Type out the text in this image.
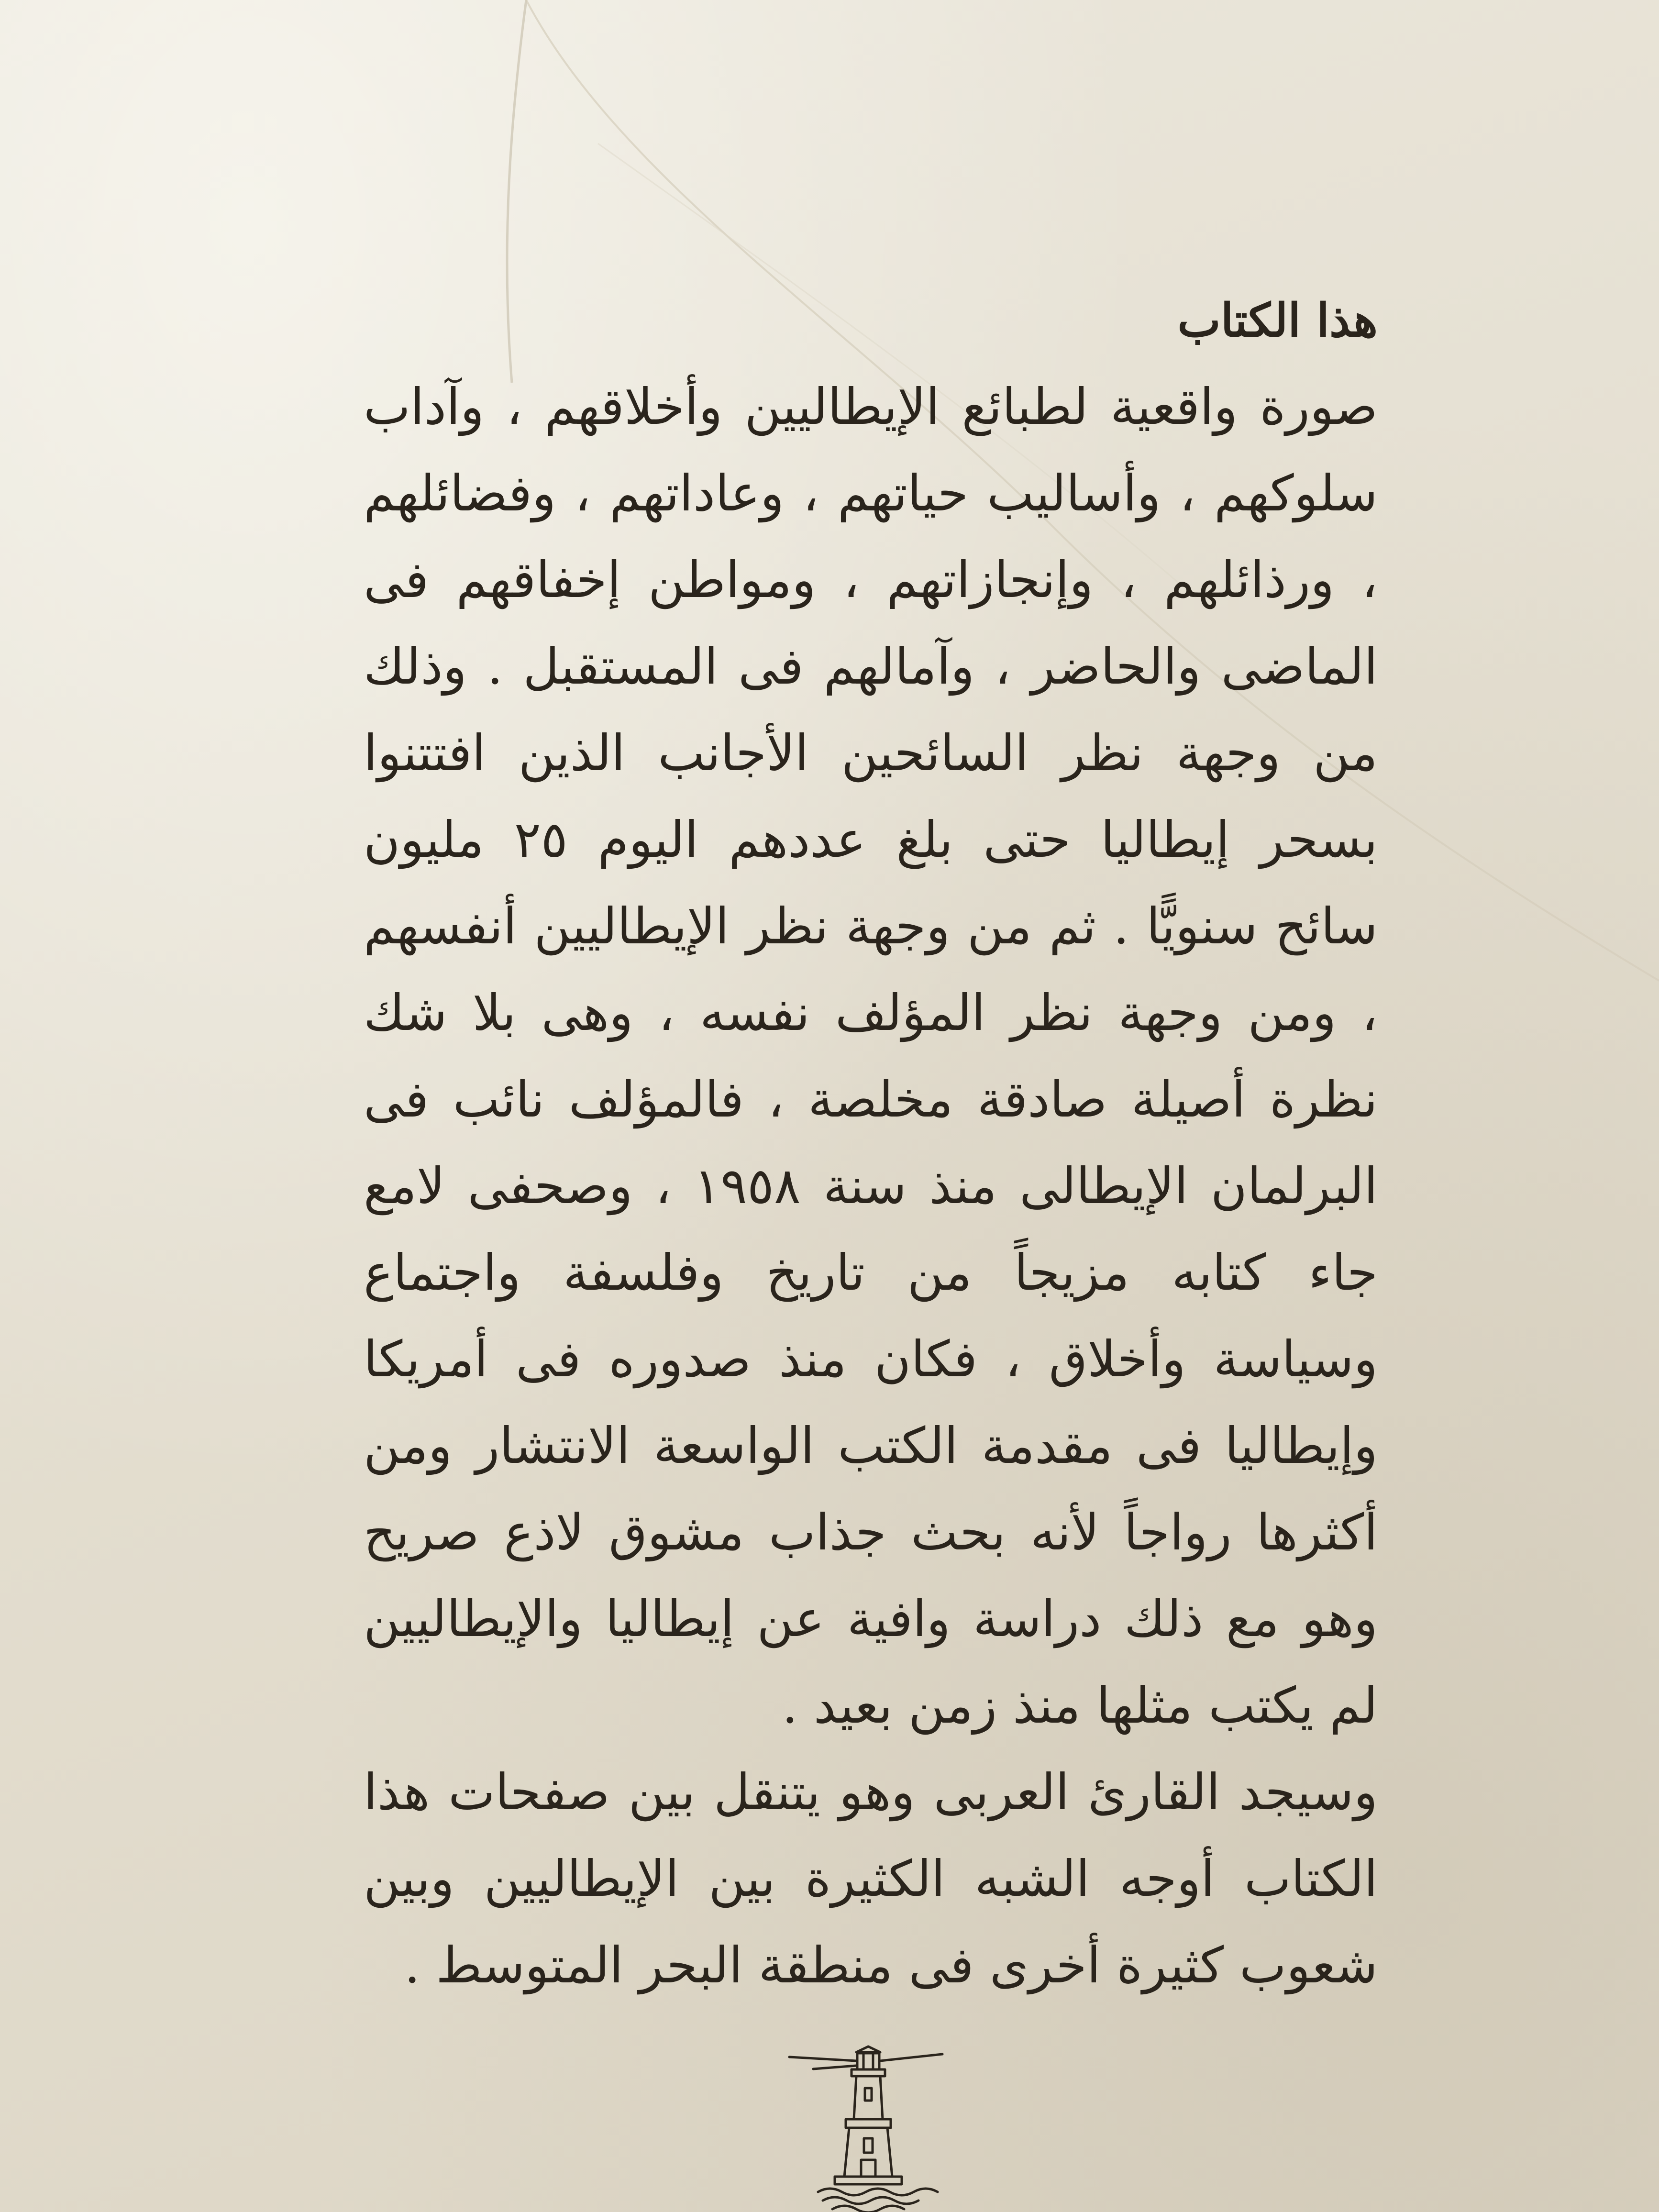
هذا الكتاب

صورة واقعية لطبائع الإيطاليين وأخلاقهم ، وآداب سلوكهم ، وأساليب حياتهم ، وعاداتهم ، وفضائلهم ، ورذائلهم ، وإنجازاتهم ، ومواطن إخفاقهم فى الماضى والحاضر ، وآمالهم فى المستقبل . وذلك من وجهة نظر السائحين الأجانب الذين افتتنوا بسحر إيطاليا حتى بلغ عددهم اليوم ٢٥ مليون سائح سنويًّا . ثم من وجهة نظر الإيطاليين أنفسهم ، ومن وجهة نظر المؤلف نفسه ، وهى بلا شك نظرة أصيلة صادقة مخلصة ، فالمؤلف نائب فى البرلمان الإيطالى منذ سنة ١٩٥٨ ، وصحفى لامع جاء كتابه مزيجاً من تاريخ وفلسفة واجتماع وسياسة وأخلاق ، فكان منذ صدوره فى أمريكا وإيطاليا فى مقدمة الكتب الواسعة الانتشار ومن أكثرها رواجاً لأنه بحث جذاب مشوق لاذع صريح وهو مع ذلك دراسة وافية عن إيطاليا والإيطاليين لم يكتب مثلها منذ زمن بعيد .

وسيجد القارئ العربى وهو يتنقل بين صفحات هذا الكتاب أوجه الشبه الكثيرة بين الإيطاليين وبين شعوب كثيرة أخرى فى منطقة البحر المتوسط .
